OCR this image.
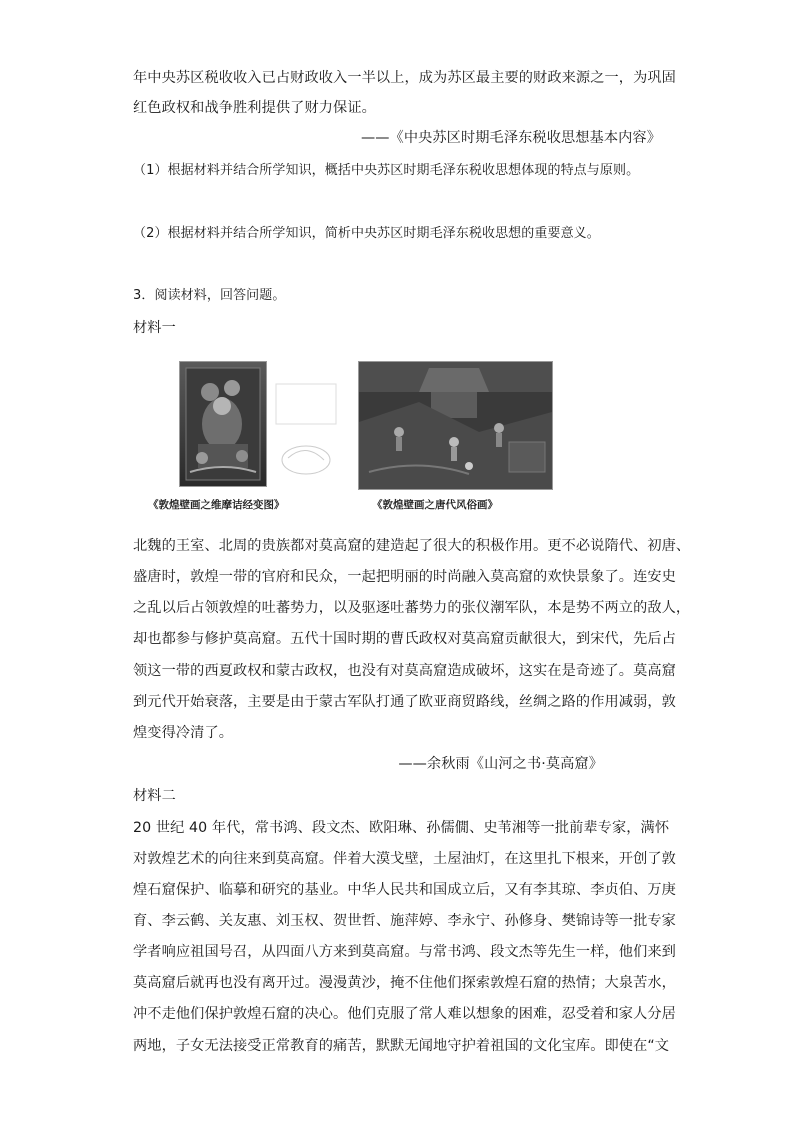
年中央苏区税收收入已占财政收入一半以上，成为苏区最主要的财政来源之一，为巩固
红色政权和战争胜利提供了财力保证。
——《中央苏区时期毛泽东税收思想基本内容》
（1）根据材料并结合所学知识，概括中央苏区时期毛泽东税收思想体现的特点与原则。
（2）根据材料并结合所学知识，简析中央苏区时期毛泽东税收思想的重要意义。
3．阅读材料，回答问题。
材料一
《敦煌壁画之维摩诘经变图》	《敦煌壁画之唐代风俗画》
北魏的王室、北周的贵族都对莫高窟的建造起了很大的积极作用。更不必说隋代、初唐、
盛唐时，敦煌一带的官府和民众，一起把明丽的时尚融入莫高窟的欢快景象了。连安史
之乱以后占领敦煌的吐蕃势力，以及驱逐吐蕃势力的张仪潮军队，本是势不两立的敌人，
却也都参与修护莫高窟。五代十国时期的曹氏政权对莫高窟贡献很大，到宋代，先后占
领这一带的西夏政权和蒙古政权，也没有对莫高窟造成破坏，这实在是奇迹了。莫高窟
到元代开始衰落，主要是由于蒙古军队打通了欧亚商贸路线，丝绸之路的作用减弱，敦
煌变得冷清了。
——余秋雨《山河之书·莫高窟》
材料二
20 世纪 40 年代，常书鸿、段文杰、欧阳琳、孙儒僩、史苇湘等一批前辈专家，满怀
对敦煌艺术的向往来到莫高窟。伴着大漠戈壁，土屋油灯，在这里扎下根来，开创了敦
煌石窟保护、临摹和研究的基业。中华人民共和国成立后，又有李其琼、李贞伯、万庚
育、李云鹤、关友惠、刘玉权、贺世哲、施萍婷、李永宁、孙修身、樊锦诗等一批专家
学者响应祖国号召，从四面八方来到莫高窟。与常书鸿、段文杰等先生一样，他们来到
莫高窟后就再也没有离开过。漫漫黄沙，掩不住他们探索敦煌石窟的热情；大泉苦水，
冲不走他们保护敦煌石窟的决心。他们克服了常人难以想象的困难，忍受着和家人分居
两地，子女无法接受正常教育的痛苦，默默无闻地守护着祖国的文化宝库。即使在“文
